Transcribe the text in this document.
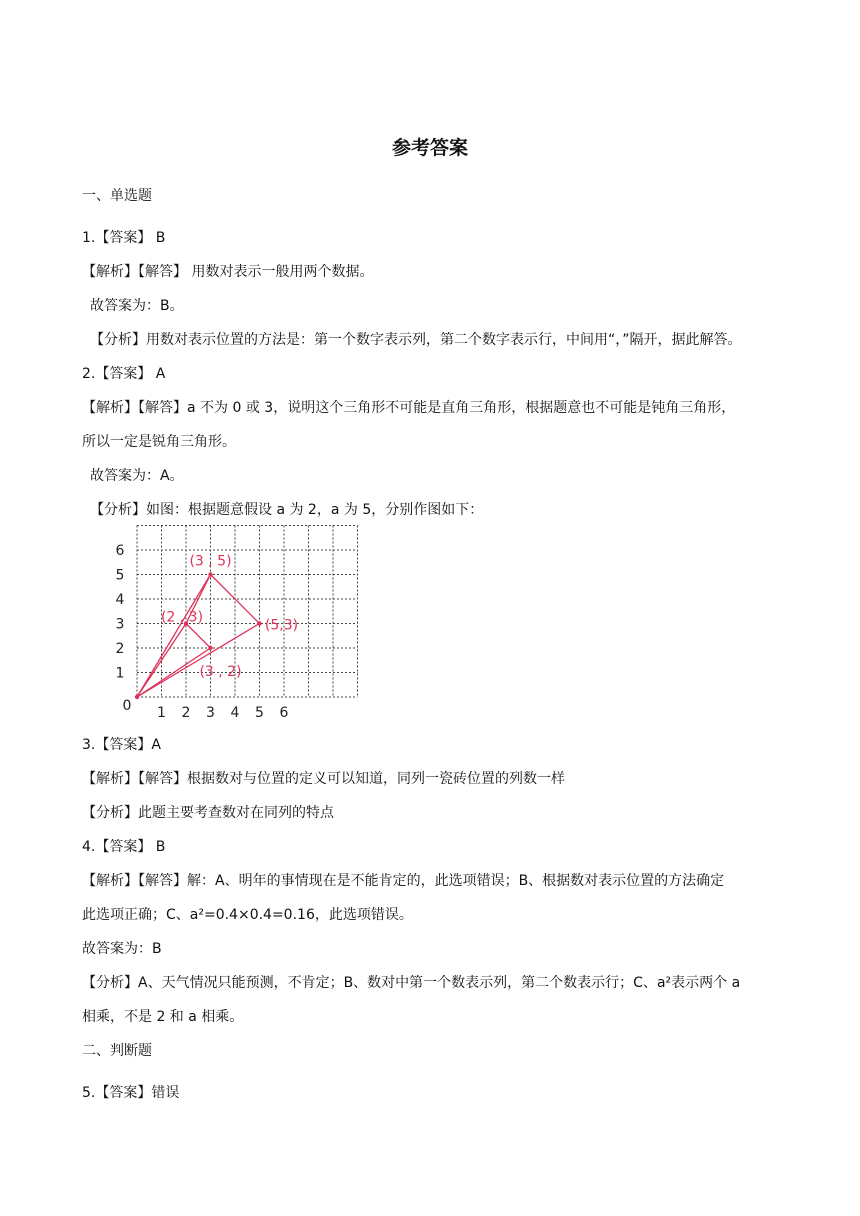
参考答案
一、单选题
1.【答案】 B
【解析】【解答】 用数对表示一般用两个数据。
故答案为：B。
【分析】用数对表示位置的方法是：第一个数字表示列，第二个数字表示行，中间用“，”隔开，据此解答。
2.【答案】 A
【解析】【解答】a 不为 0 或 3，说明这个三角形不可能是直角三角形，根据题意也不可能是钝角三角形，
所以一定是锐角三角形。
故答案为：A。
【分析】如图：根据题意假设 a 为 2，a 为 5，分别作图如下：
1
2
3
4
5
6
1 2 3 4 5 6
0
(3 , 5)
(2 , 3)	(5,3)
(3 , 2)
3.【答案】A
【解析】【解答】根据数对与位置的定义可以知道，同列一瓷砖位置的列数一样
【分析】此题主要考查数对在同列的特点
4.【答案】 B
【解析】【解答】解：A、明年的事情现在是不能肯定的，此选项错误；B、根据数对表示位置的方法确定
此选项正确；C、a²=0.4×0.4=0.16，此选项错误。
故答案为：B
【分析】A、天气情况只能预测，不肯定；B、数对中第一个数表示列，第二个数表示行；C、a²表示两个 a
相乘，不是 2 和 a 相乘。
二、判断题
5.【答案】错误
